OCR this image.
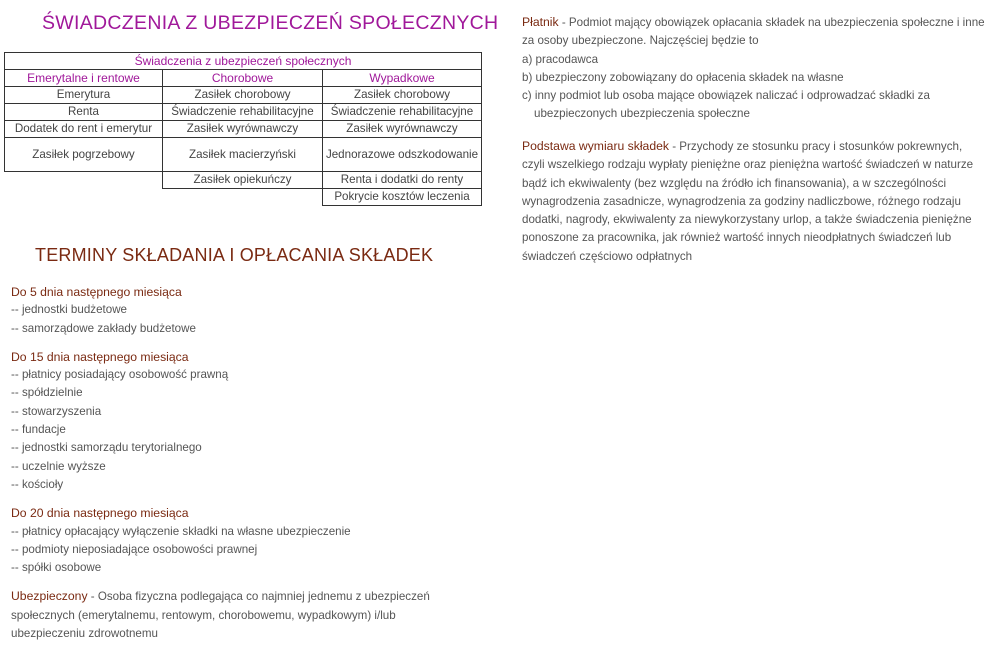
ŚWIADCZENIA Z UBEZPIECZEŃ SPOŁECZNYCH
Świadczenia z ubezpieczeń społecznych		
Emerytalne i rentowe	Chorobowe	Wypadkowe
Emerytura	Zasiłek chorobowy	Zasiłek chorobowy
Renta	Świadczenie rehabilitacyjne	Świadczenie rehabilitacyjne
Dodatek do rent i emerytur	Zasiłek wyrównawczy	Zasiłek wyrównawczy
Zasiłek pogrzebowy	Zasiłek macierzyński	Jednorazowe odszkodowanie
	Zasiłek opiekuńczy	Renta i dodatki do renty
		Pokrycie kosztów leczenia
TERMINY SKŁADANIA I OPŁACANIA SKŁADEK

Do 5 dnia następnego miesiąca

-- jednostki budżetowe

-- samorządowe zakłady budżetowe

Do 15 dnia następnego miesiąca

-- płatnicy posiadający osobowość prawną

-- spółdzielnie

-- stowarzyszenia

-- fundacje

-- jednostki samorządu terytorialnego

-- uczelnie wyższe

-- kościoły

Do 20 dnia następnego miesiąca

-- płatnicy opłacający wyłączenie składki na własne ubezpieczenie

-- podmioty nieposiadające osobowości prawnej

-- spółki osobowe

Ubezpieczony - Osoba fizyczna podlegająca co najmniej jednemu z ubezpieczeń społecznych (emerytalnemu, rentowym, chorobowemu, wypadkowym) i/lub ubezpieczeniu zdrowotnemu

Płatnik - Podmiot mający obowiązek opłacania składek na ubezpieczenia społeczne i inne za osoby ubezpieczone. Najczęściej będzie to

a) pracodawca

b) ubezpieczony zobowiązany do opłacenia składek na własne

c) inny podmiot lub osoba mające obowiązek naliczać i odprowadzać składki za ubezpieczonych ubezpieczenia społeczne

Podstawa wymiaru składek - Przychody ze stosunku pracy i stosunków pokrewnych, czyli wszelkiego rodzaju wypłaty pieniężne oraz pieniężna wartość świadczeń w naturze bądź ich ekwiwalenty (bez względu na źródło ich finansowania), a w szczególności wynagrodzenia zasadnicze, wynagrodzenia za godziny nadliczbowe, różnego rodzaju dodatki, nagrody, ekwiwalenty za niewykorzystany urlop, a także świadczenia pieniężne ponoszone za pracownika, jak również wartość innych nieodpłatnych świadczeń lub świadczeń częściowo odpłatnych
